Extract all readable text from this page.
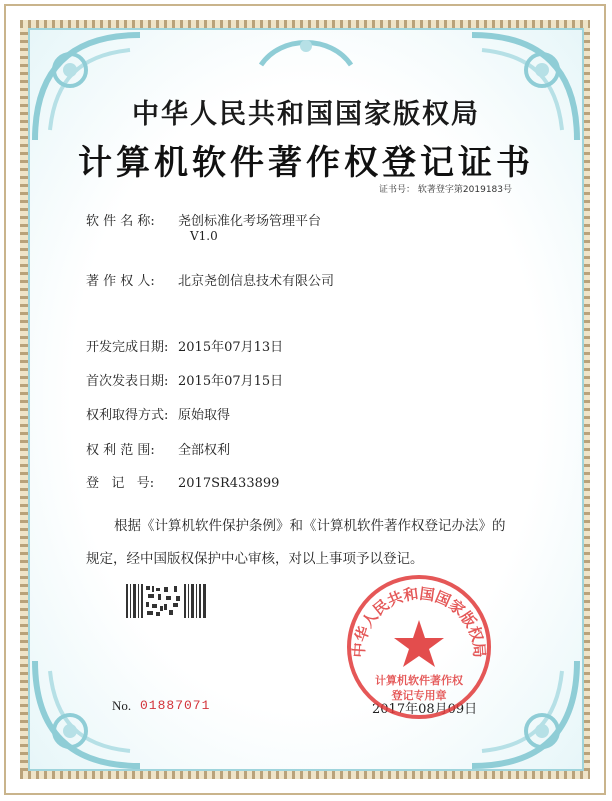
中华人民共和国国家版权局
计算机软件著作权登记证书
证书号： 软著登字第2019183号
软 件 名 称: 尧创标准化考场管理平台
V1.0
著 作 权 人: 北京尧创信息技术有限公司
开发完成日期: 2015年07月13日
首次发表日期: 2015年07月15日
权利取得方式: 原始取得
权 利 范 围: 全部权利
登   记   号: 2017SR433899
根据《计算机软件保护条例》和《计算机软件著作权登记办法》的
规定，经中国版权保护中心审核，对以上事项予以登记。
No. 01887071	2017年08月09日
中华人民共和国国家版权局
计算机软件著作权
登记专用章
